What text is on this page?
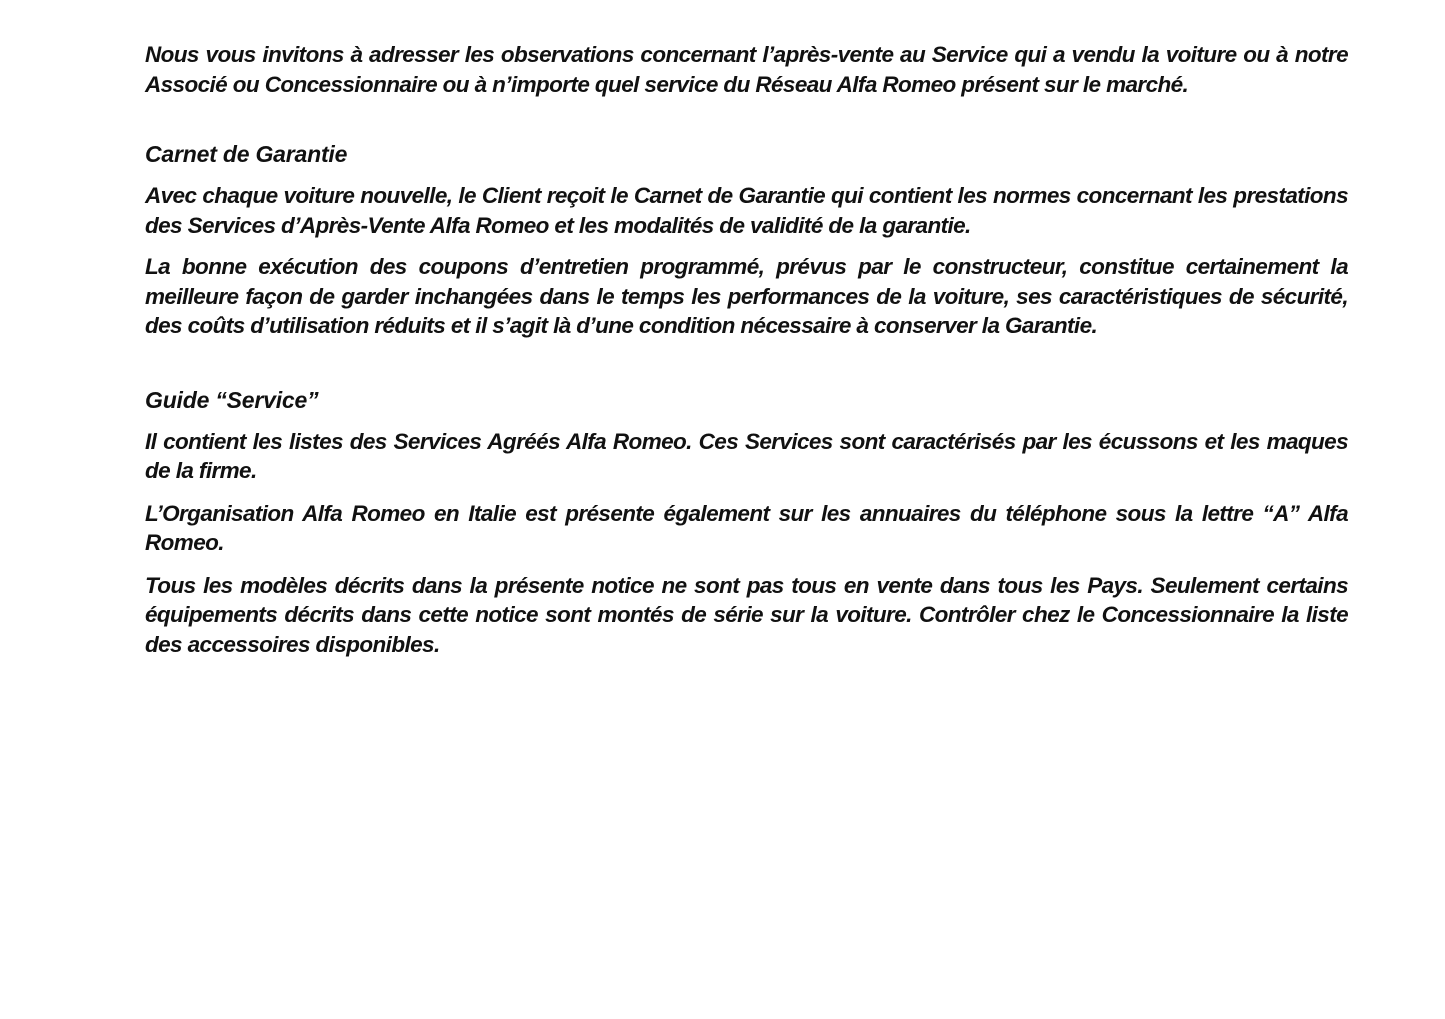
Nous vous invitons à adresser les observations concernant l’après-vente au Service qui a vendu la voiture ou à notre Associé ou Concessionnaire ou à n’importe quel service du Réseau Alfa Romeo présent sur le marché.

Carnet de Garantie

Avec chaque voiture nouvelle, le Client reçoit le Carnet de Garantie qui contient les normes concernant les prestations des Services d’Après-Vente Alfa Romeo et les modalités de validité de la garantie.

La bonne exécution des coupons d’entretien programmé, prévus par le constructeur, constitue certainement la meilleure façon de garder inchangées dans le temps les performances de la voiture, ses caractéristiques de sécurité, des coûts d’utilisation réduits et il s’agit là d’une condition nécessaire à conserver la Garantie.

Guide “Service”

Il contient les listes des Services Agréés Alfa Romeo. Ces Services sont caractérisés par les écussons et les maques de la firme.

L’Organisation Alfa Romeo en Italie est présente également sur les annuaires du téléphone sous la lettre “A” Alfa Romeo.

Tous les modèles décrits dans la présente notice ne sont pas tous en vente dans tous les Pays. Seulement certains équipements décrits dans cette notice sont montés de série sur la voiture. Contrôler chez le Concessionnaire la liste des accessoires disponibles.
